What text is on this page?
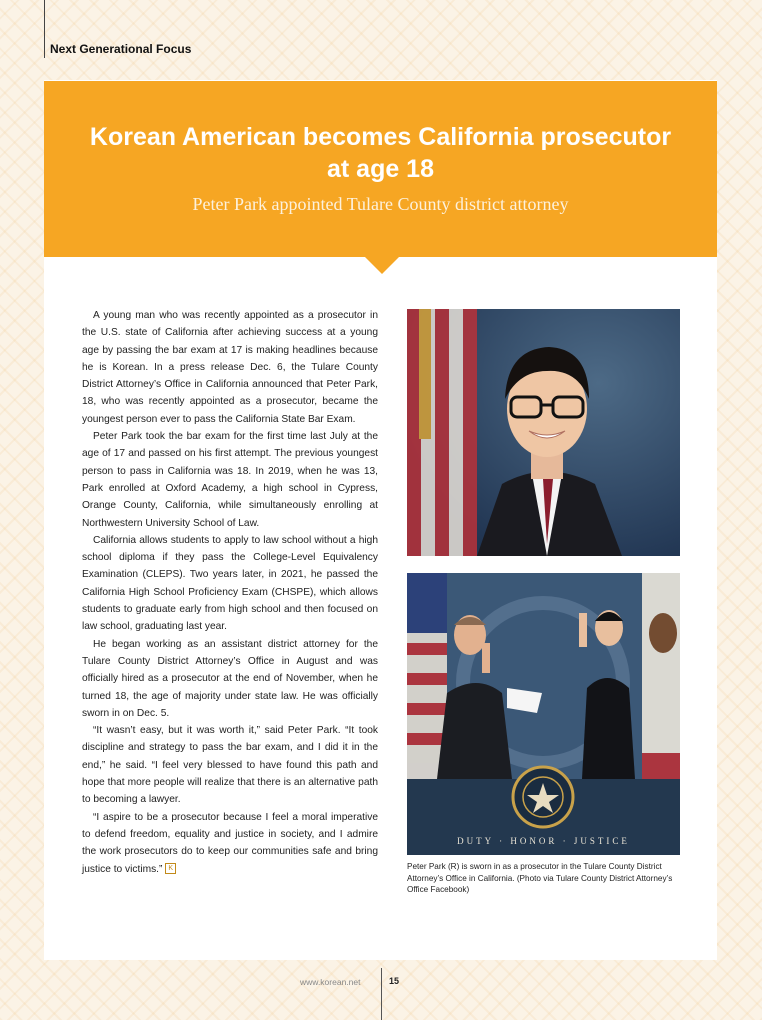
Next Generational Focus
Korean American becomes California prosecutor
at age 18
Peter Park appointed Tulare County district attorney

A young man who was recently appointed as a prosecutor in the U.S. state of California after achieving success at a young age by passing the bar exam at 17 is making headlines because he is Korean. In a press release Dec. 6, the Tulare County District Attorney’s Office in California announced that Peter Park, 18, who was recently appointed as a prosecutor, became the youngest person ever to pass the California State Bar Exam.

Peter Park took the bar exam for the first time last July at the age of 17 and passed on his first attempt. The previous youngest person to pass in California was 18. In 2019, when he was 13, Park enrolled at Oxford Academy, a high school in Cypress, Orange County, California, while simultaneously enrolling at Northwestern University School of Law.

California allows students to apply to law school without a high school diploma if they pass the College-Level Equivalency Examination (CLEPS). Two years later, in 2021, he passed the California High School Proficiency Exam (CHSPE), which allows students to graduate early from high school and then focused on law school, graduating last year.

He began working as an assistant district attorney for the Tulare County District Attorney’s Office in August and was officially hired as a prosecutor at the end of November, when he turned 18, the age of majority under state law. He was officially sworn in on Dec. 5.

“It wasn’t easy, but it was worth it,” said Peter Park. “It took discipline and strategy to pass the bar exam, and I did it in the end,” he said. “I feel very blessed to have found this path and hope that more people will realize that there is an alternative path to becoming a lawyer.

“I aspire to be a prosecutor because I feel a moral imperative to defend freedom, equality and justice in society, and I admire the work prosecutors do to keep our communities safe and bring justice to victims.” K

DUTY · HONOR · JUSTICE
Peter Park (R) is sworn in as a prosecutor in the Tulare County District Attorney’s Office in California. (Photo via Tulare County District Attorney’s Office Facebook)
www.korean.net	15
